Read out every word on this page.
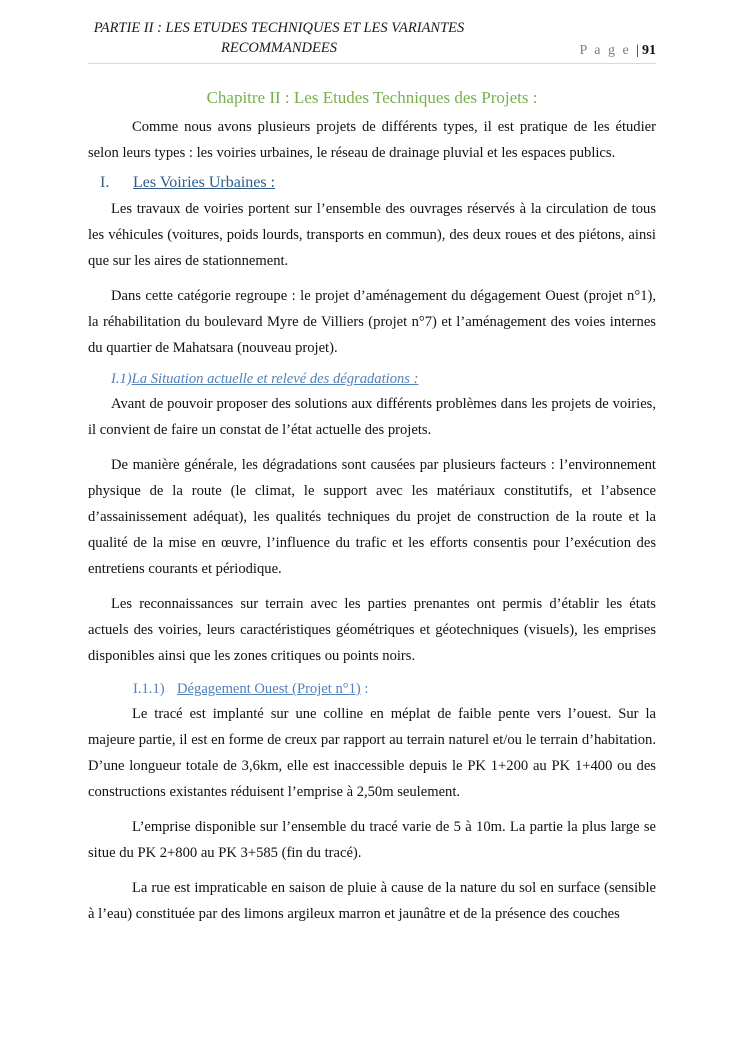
PARTIE II : LES ETUDES TECHNIQUES ET LES VARIANTES
RECOMMANDEES	P a g e | 91
Chapitre II : Les Etudes Techniques des Projets :

Comme nous avons plusieurs projets de différents types, il est pratique de les étudier selon leurs types : les voiries urbaines, le réseau de drainage pluvial et les espaces publics.

I. Les Voiries Urbaines :

Les travaux de voiries portent sur l’ensemble des ouvrages réservés à la circulation de tous les véhicules (voitures, poids lourds, transports en commun), des deux roues et des piétons, ainsi que sur les aires de stationnement.

Dans cette catégorie regroupe : le projet d’aménagement du dégagement Ouest (projet n°1), la réhabilitation du boulevard Myre de Villiers (projet n°7) et l’aménagement des voies internes du quartier de Mahatsara (nouveau projet).

I.1)La Situation actuelle et relevé des dégradations :

Avant de pouvoir proposer des solutions aux différents problèmes dans les projets de voiries, il convient de faire un constat de l’état actuelle des projets.

De manière générale, les dégradations sont causées par plusieurs facteurs : l’environnement physique de la route (le climat, le support avec les matériaux constitutifs, et l’absence d’assainissement adéquat), les qualités techniques du projet de construction de la route et la qualité de la mise en œuvre, l’influence du trafic et les efforts consentis pour l’exécution des entretiens courants et périodique.

Les reconnaissances sur terrain avec les parties prenantes ont permis d’établir les états actuels des voiries, leurs caractéristiques géométriques et géotechniques (visuels), les emprises disponibles ainsi que les zones critiques ou points noirs.

I.1.1) Dégagement Ouest (Projet n°1) :

Le tracé est implanté sur une colline en méplat de faible pente vers l’ouest. Sur la majeure partie, il est en forme de creux par rapport au terrain naturel et/ou le terrain d’habitation. D’une longueur totale de 3,6km, elle est inaccessible depuis le PK 1+200 au PK 1+400 ou des constructions existantes réduisent l’emprise à 2,50m seulement.

L’emprise disponible sur l’ensemble du tracé varie de 5 à 10m. La partie la plus large se situe du PK 2+800 au PK 3+585 (fin du tracé).

La rue est impraticable en saison de pluie à cause de la nature du sol en surface (sensible à l’eau) constituée par des limons argileux marron et jaunâtre et de la présence des couches
